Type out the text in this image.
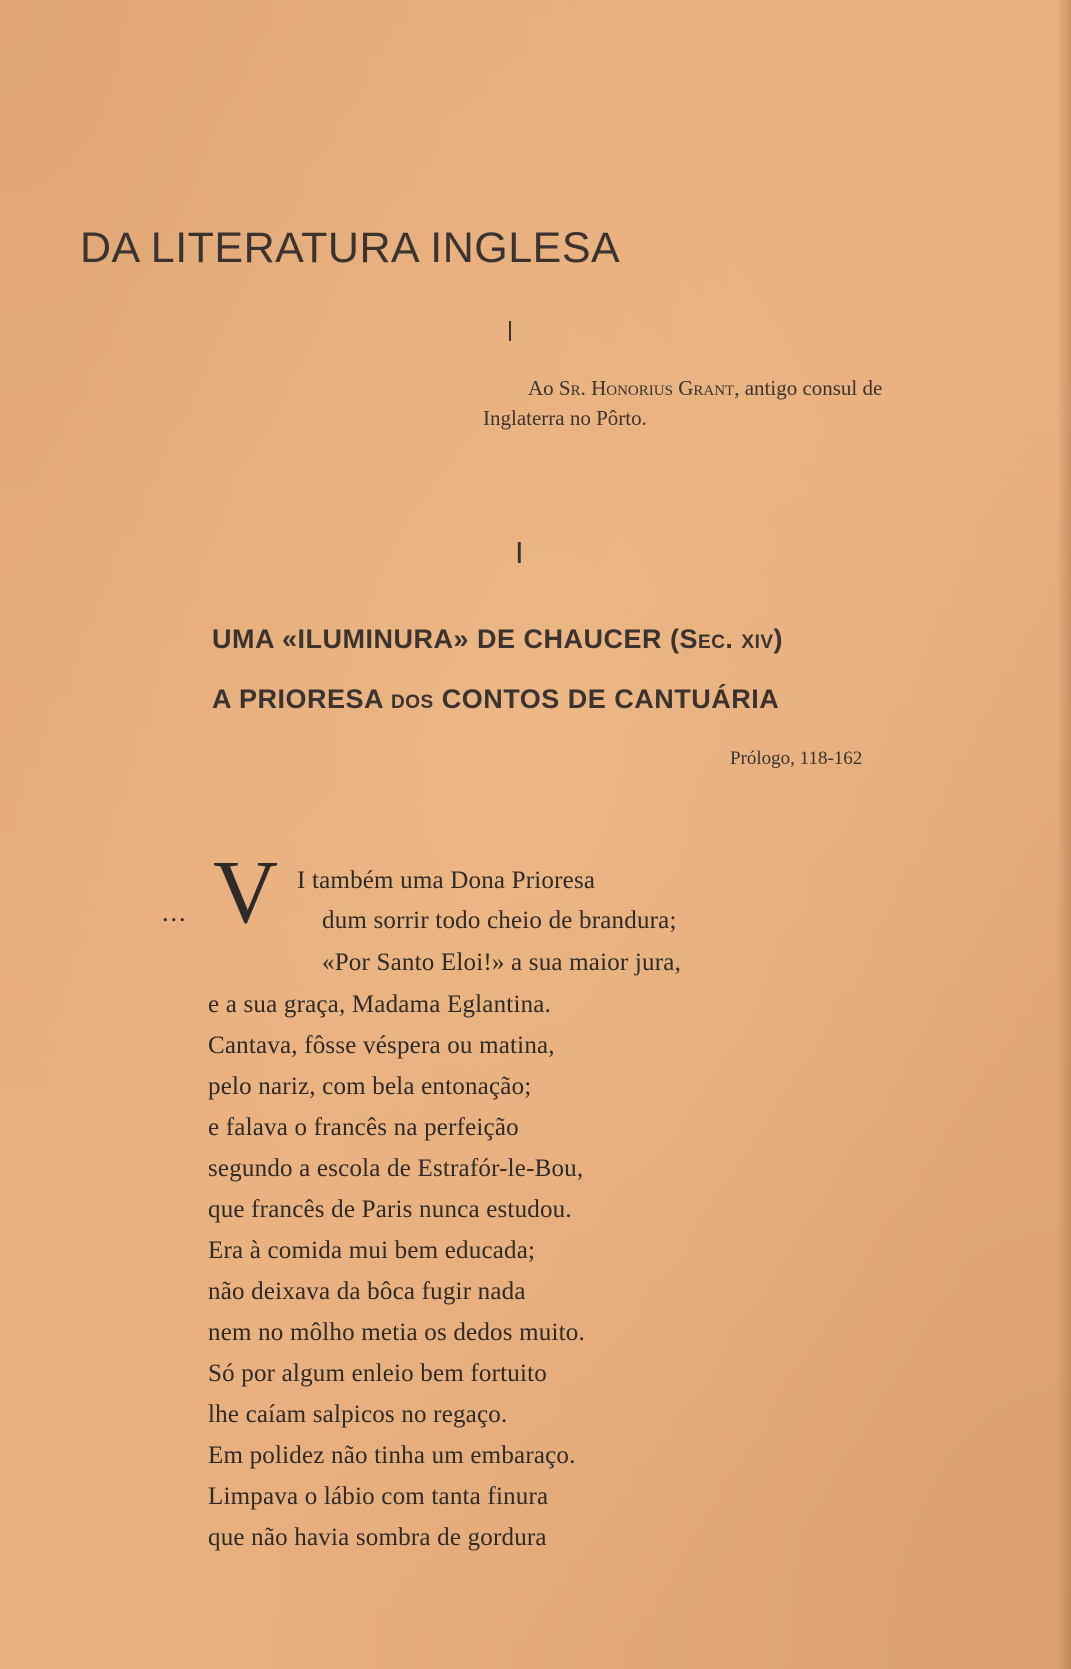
DA LITERATURA INGLESA
Ao Sr. Honorius Grant, antigo consul de
Inglaterra no Pôrto.
I
UMA «ILUMINURA» DE CHAUCER (Sec. xiv)
A PRIORESA dos CONTOS DE CANTUÁRIA

Prólogo, 118-162

V
...
I também uma Dona Prioresa
dum sorrir todo cheio de brandura;
«Por Santo Eloi!» a sua maior jura,
e a sua graça, Madama Eglantina.
Cantava, fôsse véspera ou matina,
pelo nariz, com bela entonação;
e falava o francês na perfeição
segundo a escola de Estrafór-le-Bou,
que francês de Paris nunca estudou.
Era à comida mui bem educada;
não deixava da bôca fugir nada
nem no môlho metia os dedos muito.
Só por algum enleio bem fortuito
lhe caíam salpicos no regaço.
Em polidez não tinha um embaraço.
Limpava o lábio com tanta finura
que não havia sombra de gordura
